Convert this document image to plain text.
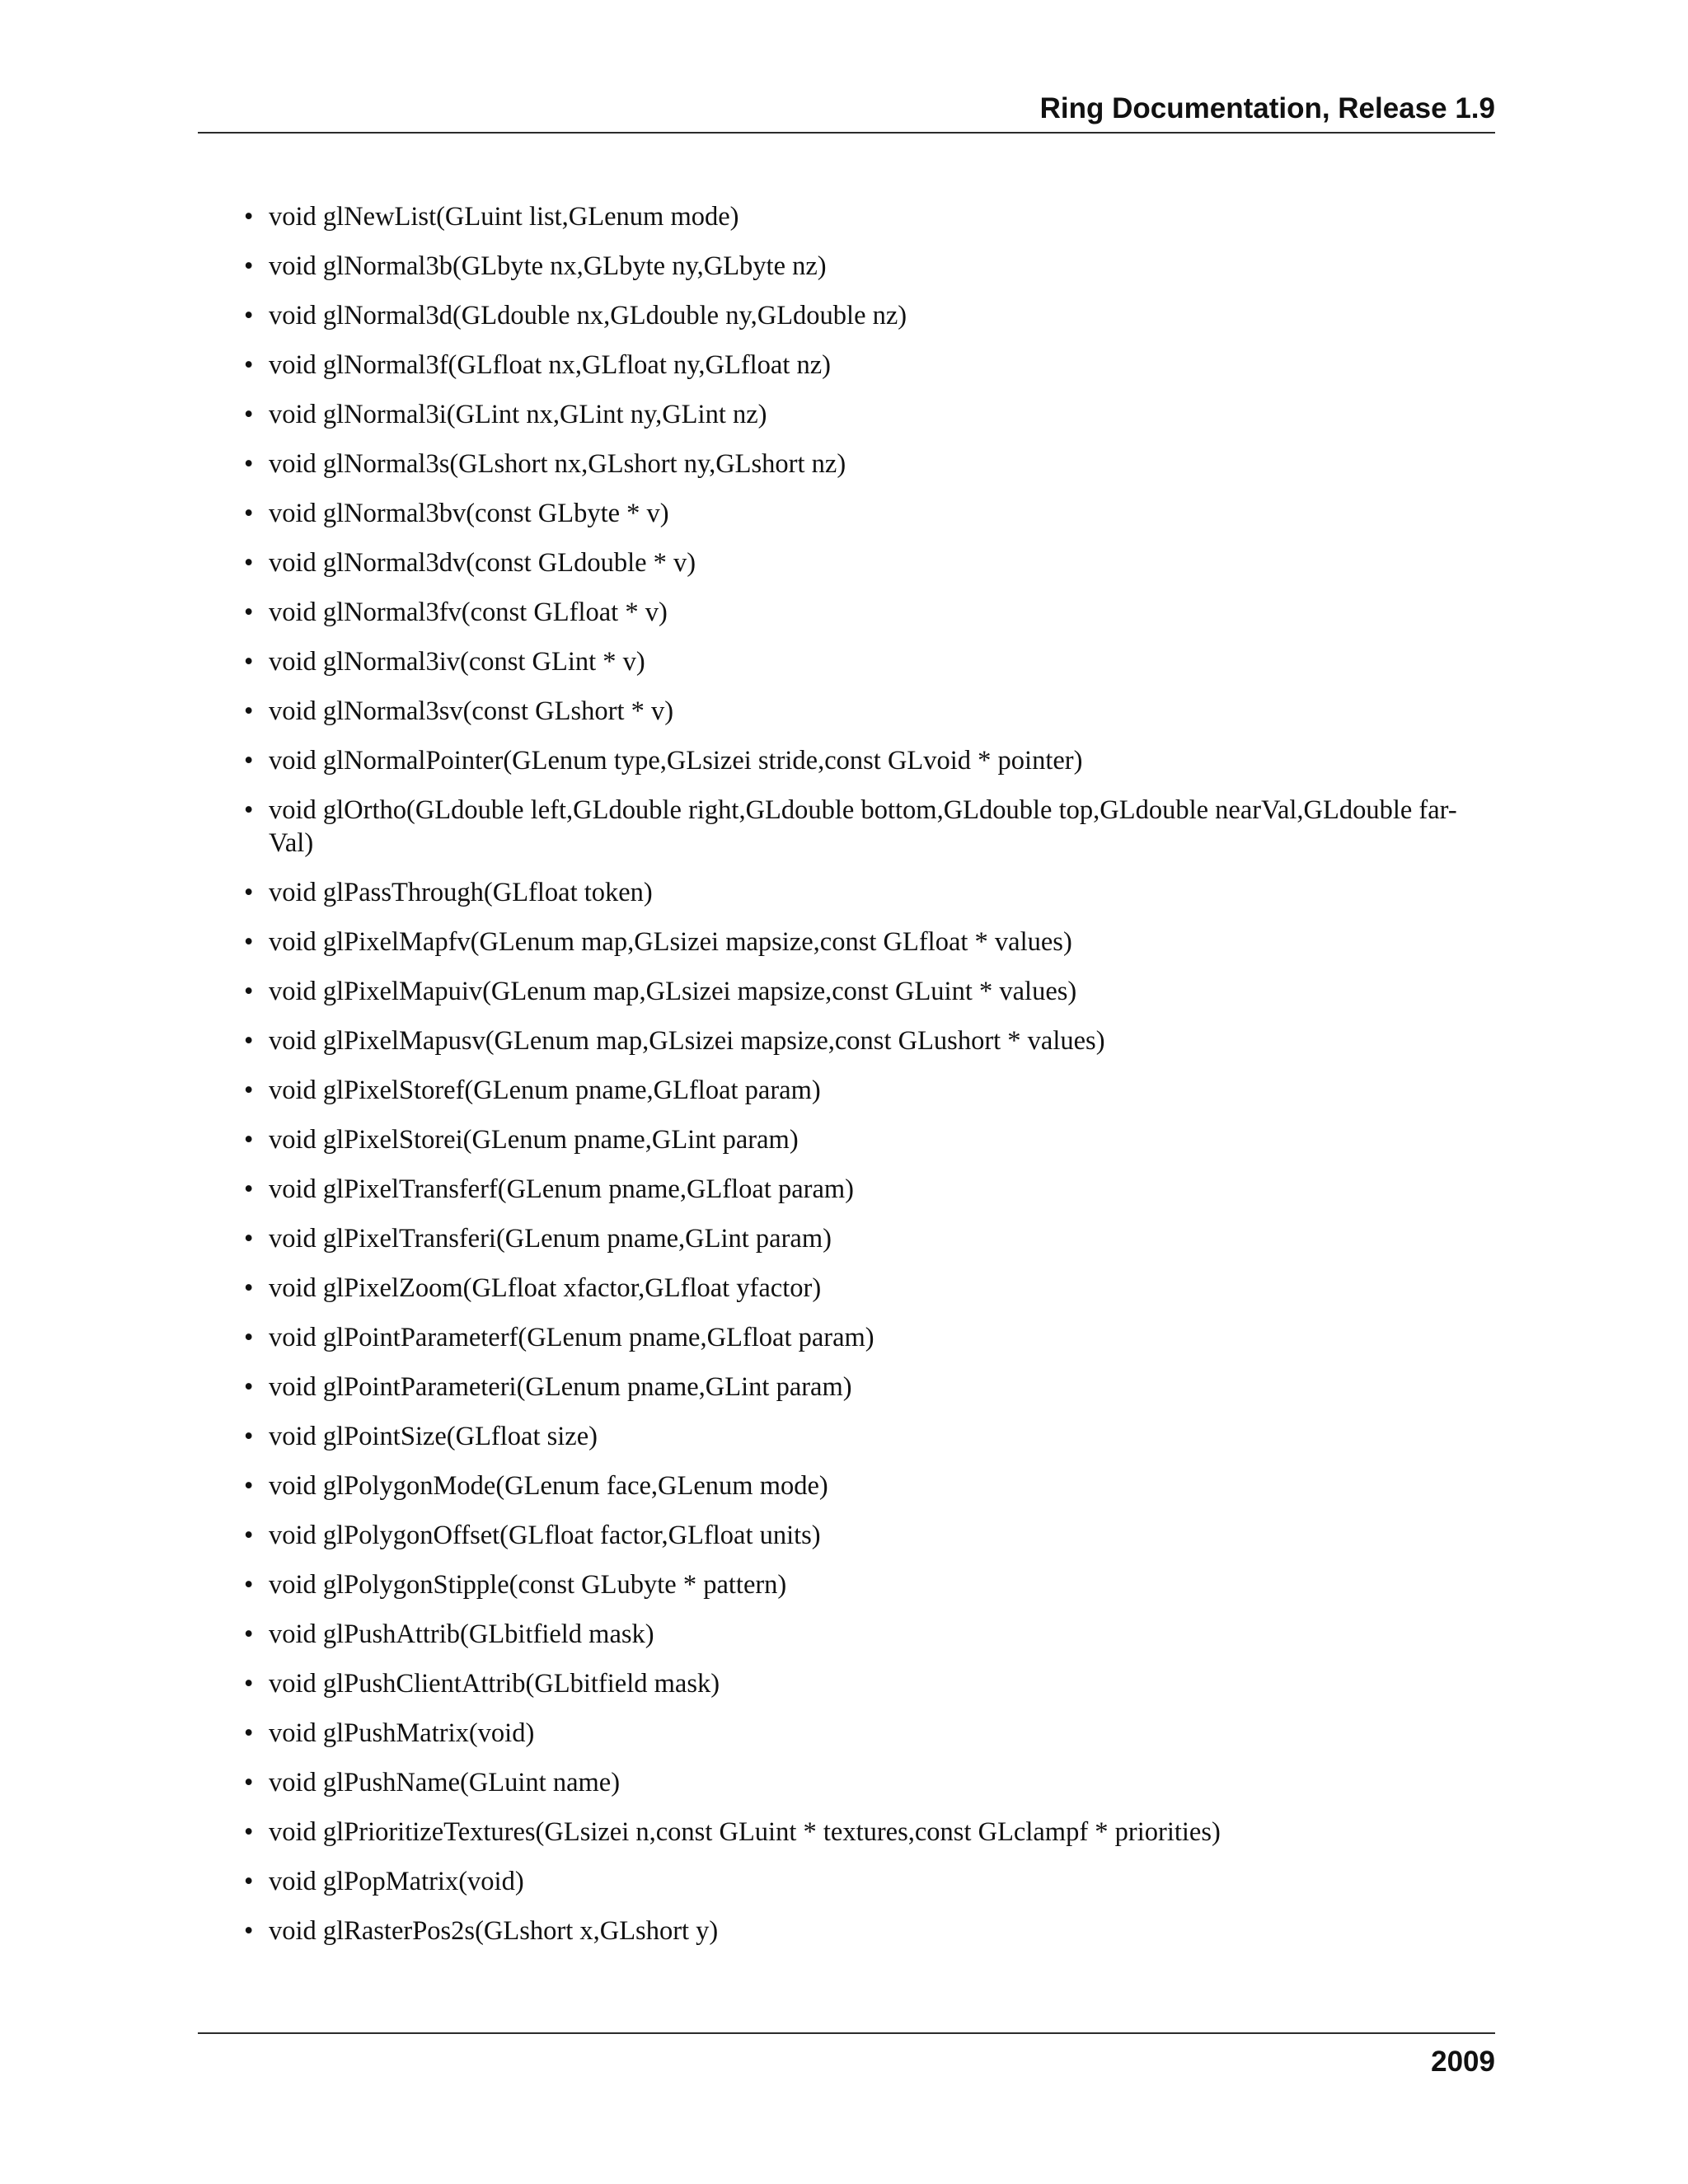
Ring Documentation, Release 1.9
• void glNewList(GLuint list,GLenum mode)
• void glNormal3b(GLbyte nx,GLbyte ny,GLbyte nz)
• void glNormal3d(GLdouble nx,GLdouble ny,GLdouble nz)
• void glNormal3f(GLfloat nx,GLfloat ny,GLfloat nz)
• void glNormal3i(GLint nx,GLint ny,GLint nz)
• void glNormal3s(GLshort nx,GLshort ny,GLshort nz)
• void glNormal3bv(const GLbyte * v)
• void glNormal3dv(const GLdouble * v)
• void glNormal3fv(const GLfloat * v)
• void glNormal3iv(const GLint * v)
• void glNormal3sv(const GLshort * v)
• void glNormalPointer(GLenum type,GLsizei stride,const GLvoid * pointer)
• void glOrtho(GLdouble left,GLdouble right,GLdouble bottom,GLdouble top,GLdouble nearVal,GLdouble far-Val)
• void glPassThrough(GLfloat token)
• void glPixelMapfv(GLenum map,GLsizei mapsize,const GLfloat * values)
• void glPixelMapuiv(GLenum map,GLsizei mapsize,const GLuint * values)
• void glPixelMapusv(GLenum map,GLsizei mapsize,const GLushort * values)
• void glPixelStoref(GLenum pname,GLfloat param)
• void glPixelStorei(GLenum pname,GLint param)
• void glPixelTransferf(GLenum pname,GLfloat param)
• void glPixelTransferi(GLenum pname,GLint param)
• void glPixelZoom(GLfloat xfactor,GLfloat yfactor)
• void glPointParameterf(GLenum pname,GLfloat param)
• void glPointParameteri(GLenum pname,GLint param)
• void glPointSize(GLfloat size)
• void glPolygonMode(GLenum face,GLenum mode)
• void glPolygonOffset(GLfloat factor,GLfloat units)
• void glPolygonStipple(const GLubyte * pattern)
• void glPushAttrib(GLbitfield mask)
• void glPushClientAttrib(GLbitfield mask)
• void glPushMatrix(void)
• void glPushName(GLuint name)
• void glPrioritizeTextures(GLsizei n,const GLuint * textures,const GLclampf * priorities)
• void glPopMatrix(void)
• void glRasterPos2s(GLshort x,GLshort y)
2009
